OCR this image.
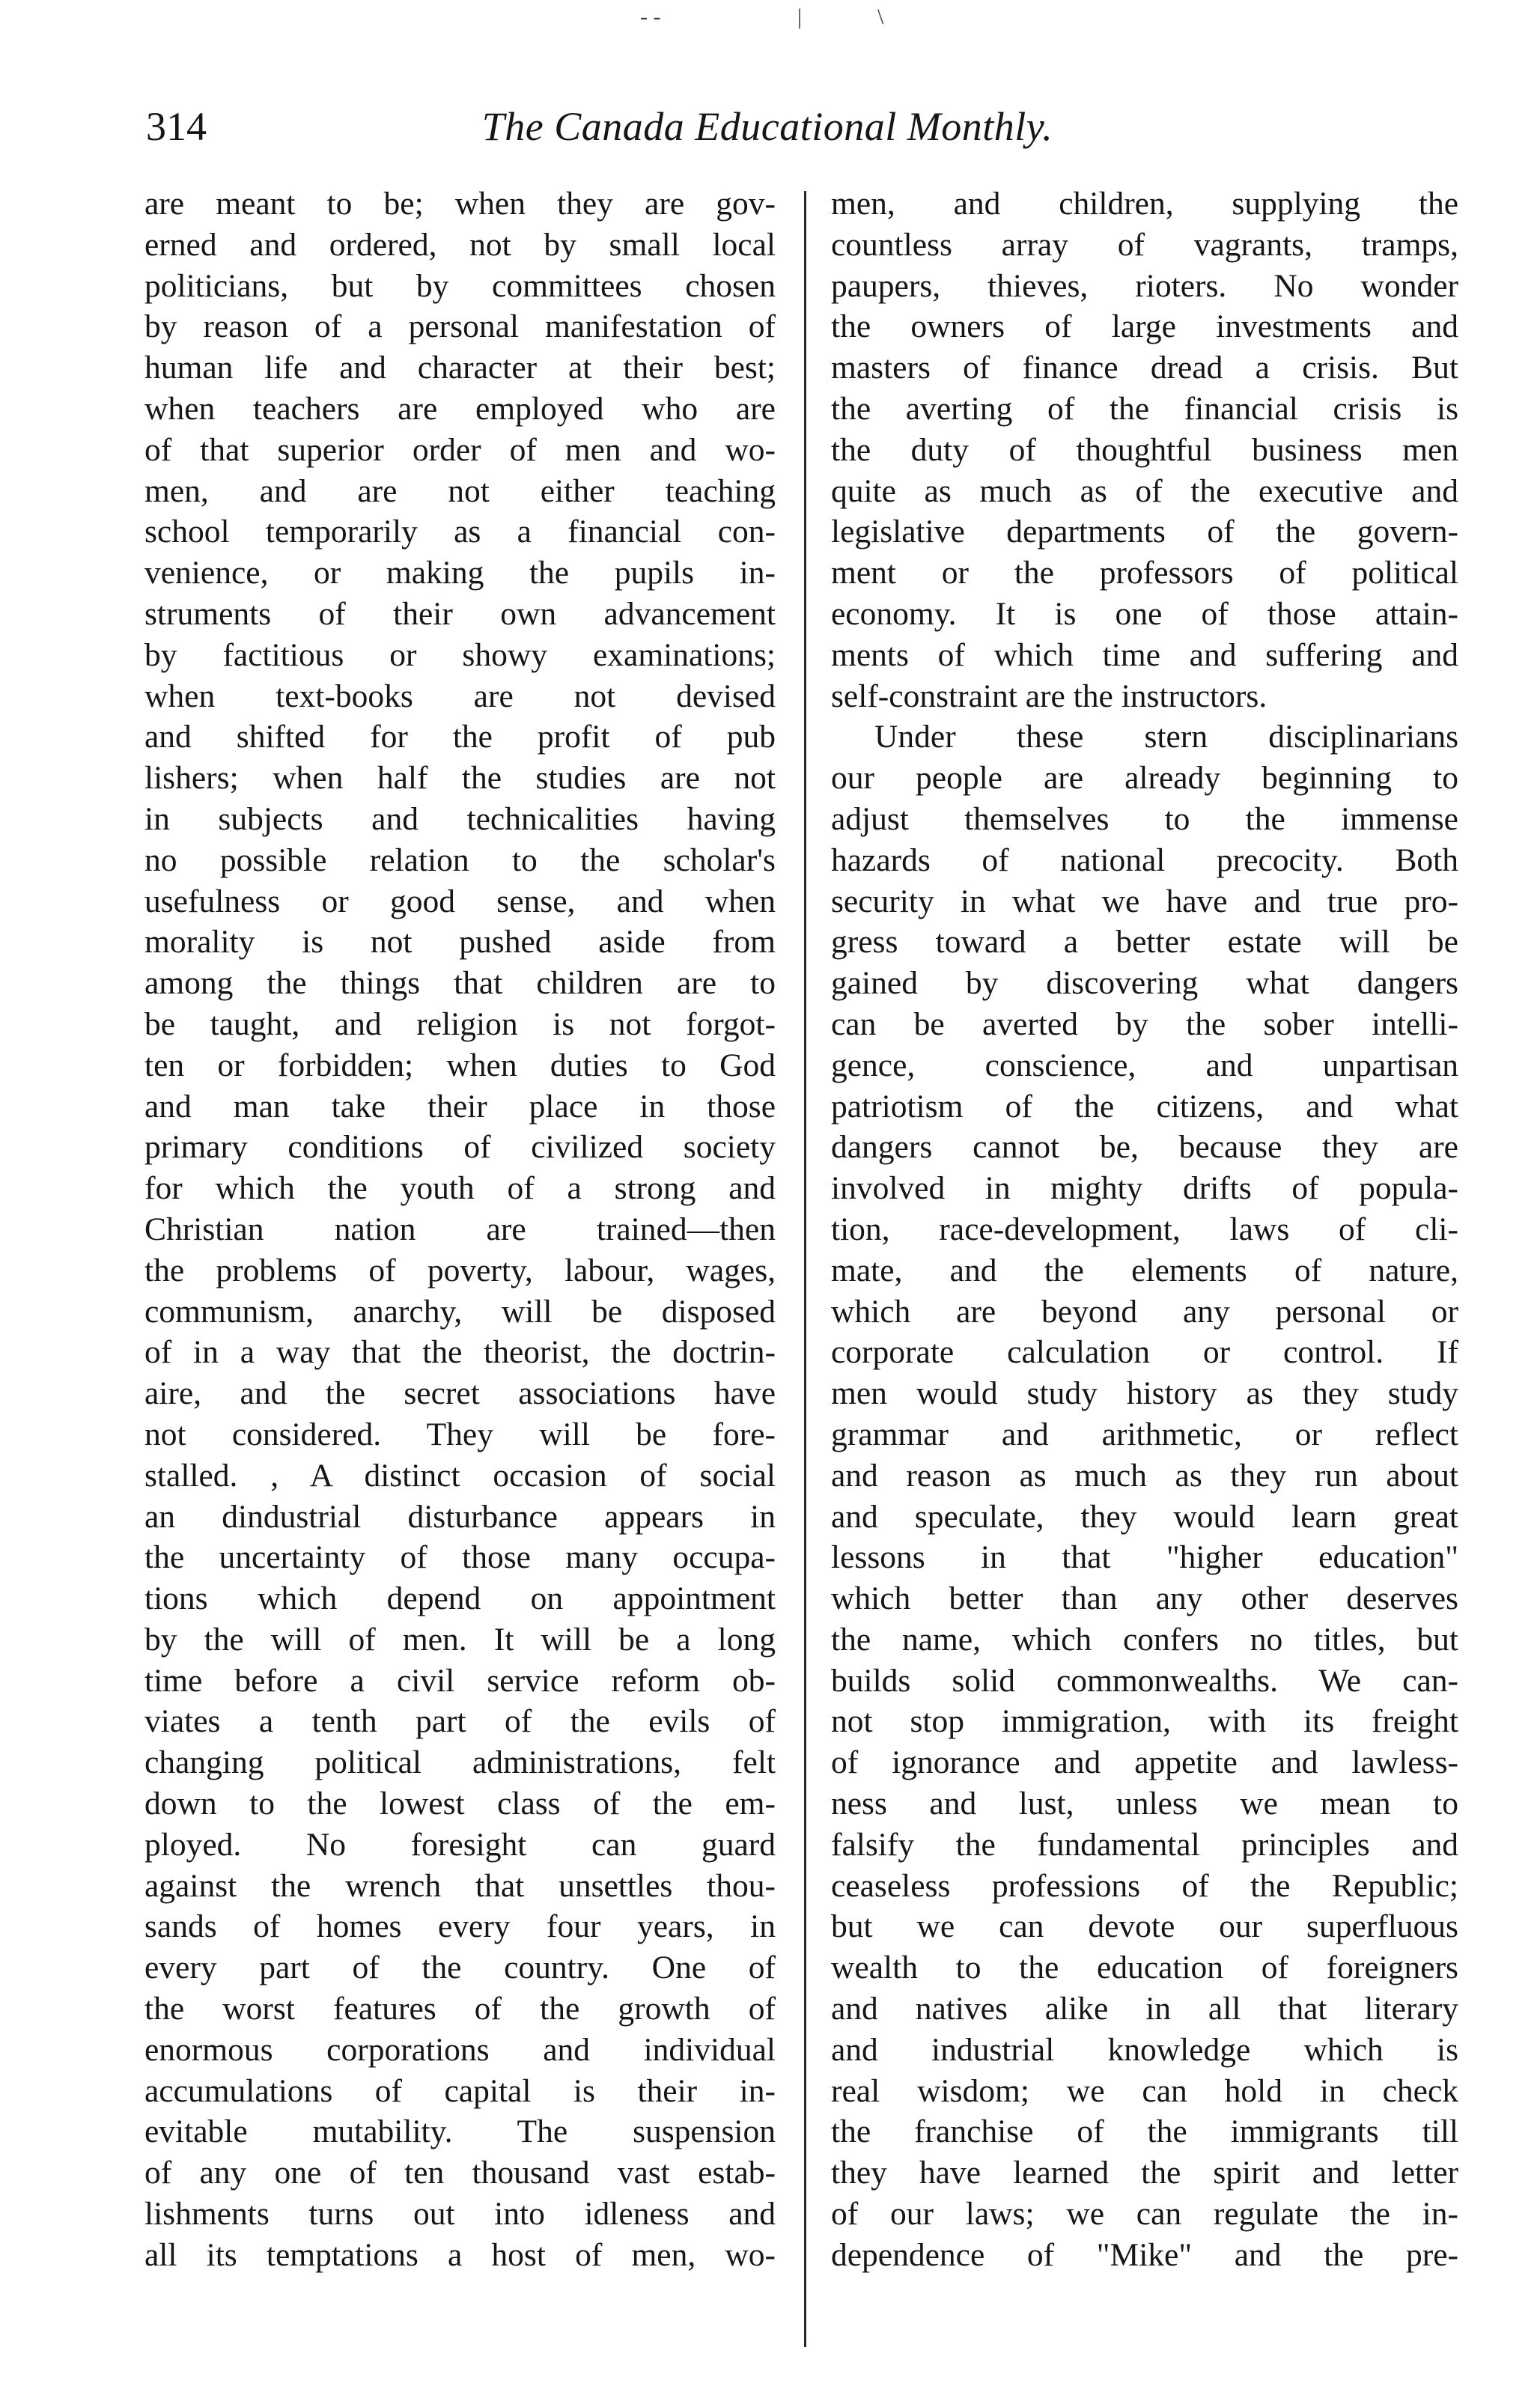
- -	|	\
314	The Canada Educational Monthly.
are meant to be; when they are gov-
erned and ordered, not by small local
politicians, but by committees chosen
by reason of a personal manifestation of
human life and character at their best;
when teachers are employed who are
of that superior order of men and wo-
men, and are not either teaching
school temporarily as a financial con-
venience, or making the pupils in-
struments of their own advancement
by factitious or showy examinations;
when text-books are not devised
and shifted for the profit of pub
lishers; when half the studies are not
in subjects and technicalities having
no possible relation to the scholar's
usefulness or good sense, and when
morality is not pushed aside from
among the things that children are to
be taught, and religion is not forgot-
ten or forbidden; when duties to God
and man take their place in those
primary conditions of civilized society
for which the youth of a strong and
Christian nation are trained—then
the problems of poverty, labour, wages,
communism, anarchy, will be disposed
of in a way that the theorist, the doctrin-
aire, and the secret associations have
not considered. They will be fore-
stalled. , A distinct occasion of social
an dindustrial disturbance appears in
the uncertainty of those many occupa-
tions which depend on appointment
by the will of men. It will be a long
time before a civil service reform ob-
viates a tenth part of the evils of
changing political administrations, felt
down to the lowest class of the em-
ployed. No foresight can guard
against the wrench that unsettles thou-
sands of homes every four years, in
every part of the country. One of
the worst features of the growth of
enormous corporations and individual
accumulations of capital is their in-
evitable mutability. The suspension
of any one of ten thousand vast estab-
lishments turns out into idleness and
all its temptations a host of men, wo-
men, and children, supplying the
countless array of vagrants, tramps,
paupers, thieves, rioters. No wonder
the owners of large investments and
masters of finance dread a crisis. But
the averting of the financial crisis is
the duty of thoughtful business men
quite as much as of the executive and
legislative departments of the govern-
ment or the professors of political
economy. It is one of those attain-
ments of which time and suffering and
self-constraint are the instructors.
Under these stern disciplinarians
our people are already beginning to
adjust themselves to the immense
hazards of national precocity. Both
security in what we have and true pro-
gress toward a better estate will be
gained by discovering what dangers
can be averted by the sober intelli-
gence, conscience, and unpartisan
patriotism of the citizens, and what
dangers cannot be, because they are
involved in mighty drifts of popula-
tion, race-development, laws of cli-
mate, and the elements of nature,
which are beyond any personal or
corporate calculation or control. If
men would study history as they study
grammar and arithmetic, or reflect
and reason as much as they run about
and speculate, they would learn great
lessons in that "higher education"
which better than any other deserves
the name, which confers no titles, but
builds solid commonwealths. We can-
not stop immigration, with its freight
of ignorance and appetite and lawless-
ness and lust, unless we mean to
falsify the fundamental principles and
ceaseless professions of the Republic;
but we can devote our superfluous
wealth to the education of foreigners
and natives alike in all that literary
and industrial knowledge which is
real wisdom; we can hold in check
the franchise of the immigrants till
they have learned the spirit and letter
of our laws; we can regulate the in-
dependence of "Mike" and the pre-
